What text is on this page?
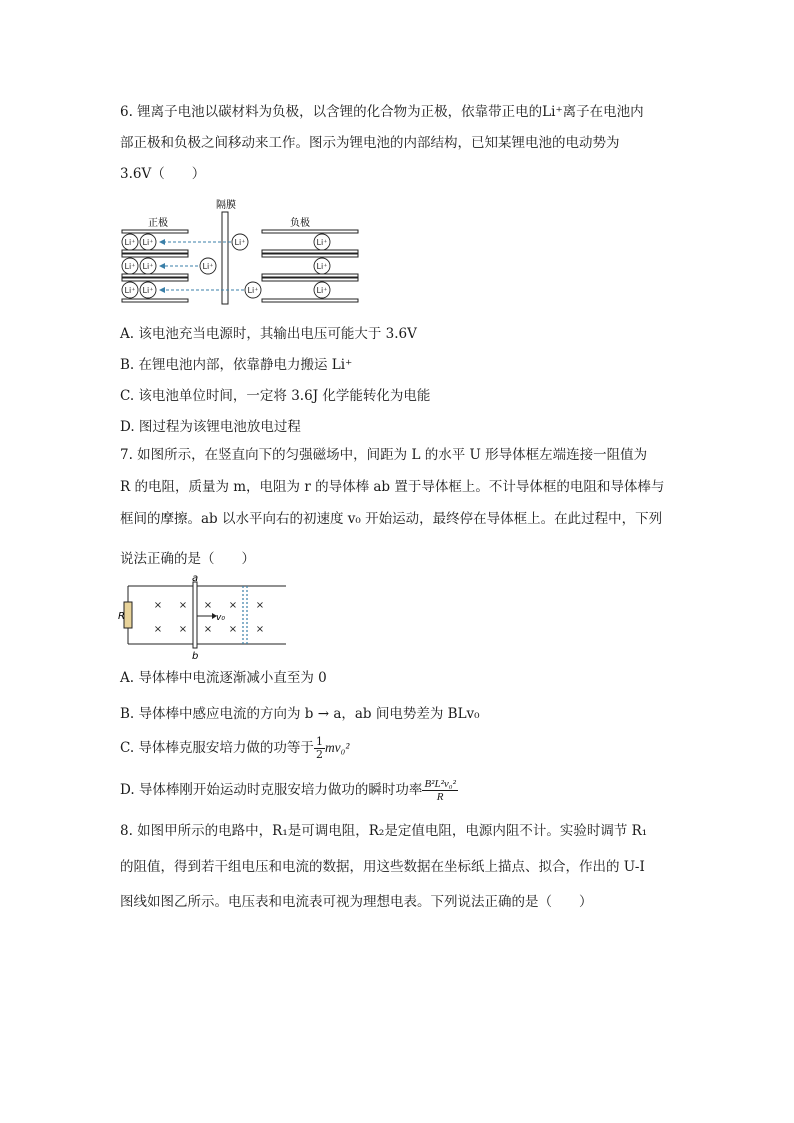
6. 锂离子电池以碳材料为负极，以含锂的化合物为正极，依靠带正电的Li⁺离子在电池内
部正极和负极之间移动来工作。图示为锂电池的内部结构，已知某锂电池的电动势为
3.6V（　　）
隔膜
正极	负极
Li⁺ Li⁺
Li⁺ Li⁺
Li⁺ Li⁺
Li⁺
Li⁺
Li⁺
Li⁺
Li⁺
Li⁺
A. 该电池充当电源时，其输出电压可能大于 3.6V
B. 在锂电池内部，依靠静电力搬运 Li⁺
C. 该电池单位时间，一定将 3.6J 化学能转化为电能
D. 图过程为该锂电池放电过程
7. 如图所示，在竖直向下的匀强磁场中，间距为 L 的水平 U 形导体框左端连接一阻值为
R 的电阻，质量为 m，电阻为 r 的导体棒 ab 置于导体框上。不计导体框的电阻和导体棒与
框间的摩擦。ab 以水平向右的初速度 v₀ 开始运动，最终停在导体框上。在此过程中，下列
说法正确的是（　　）
R
a
b
v₀
× × × × ×
× × × × ×
A. 导体棒中电流逐渐减小直至为 0
B. 导体棒中感应电流的方向为 b → a，ab 间电势差为 BLv₀
C. 导体棒克服安培力做的功等于 $\frac{1}{2} mv_0^2$
D. 导体棒刚开始运动时克服安培力做功的瞬时功率 $\frac{\text{B²L²v₀²}}{R}$
8. 如图甲所示的电路中，R₁是可调电阻，R₂是定值电阻，电源内阻不计。实验时调节 R₁
的阻值，得到若干组电压和电流的数据，用这些数据在坐标纸上描点、拟合，作出的 U-I
图线如图乙所示。电压表和电流表可视为理想电表。下列说法正确的是（　　）
